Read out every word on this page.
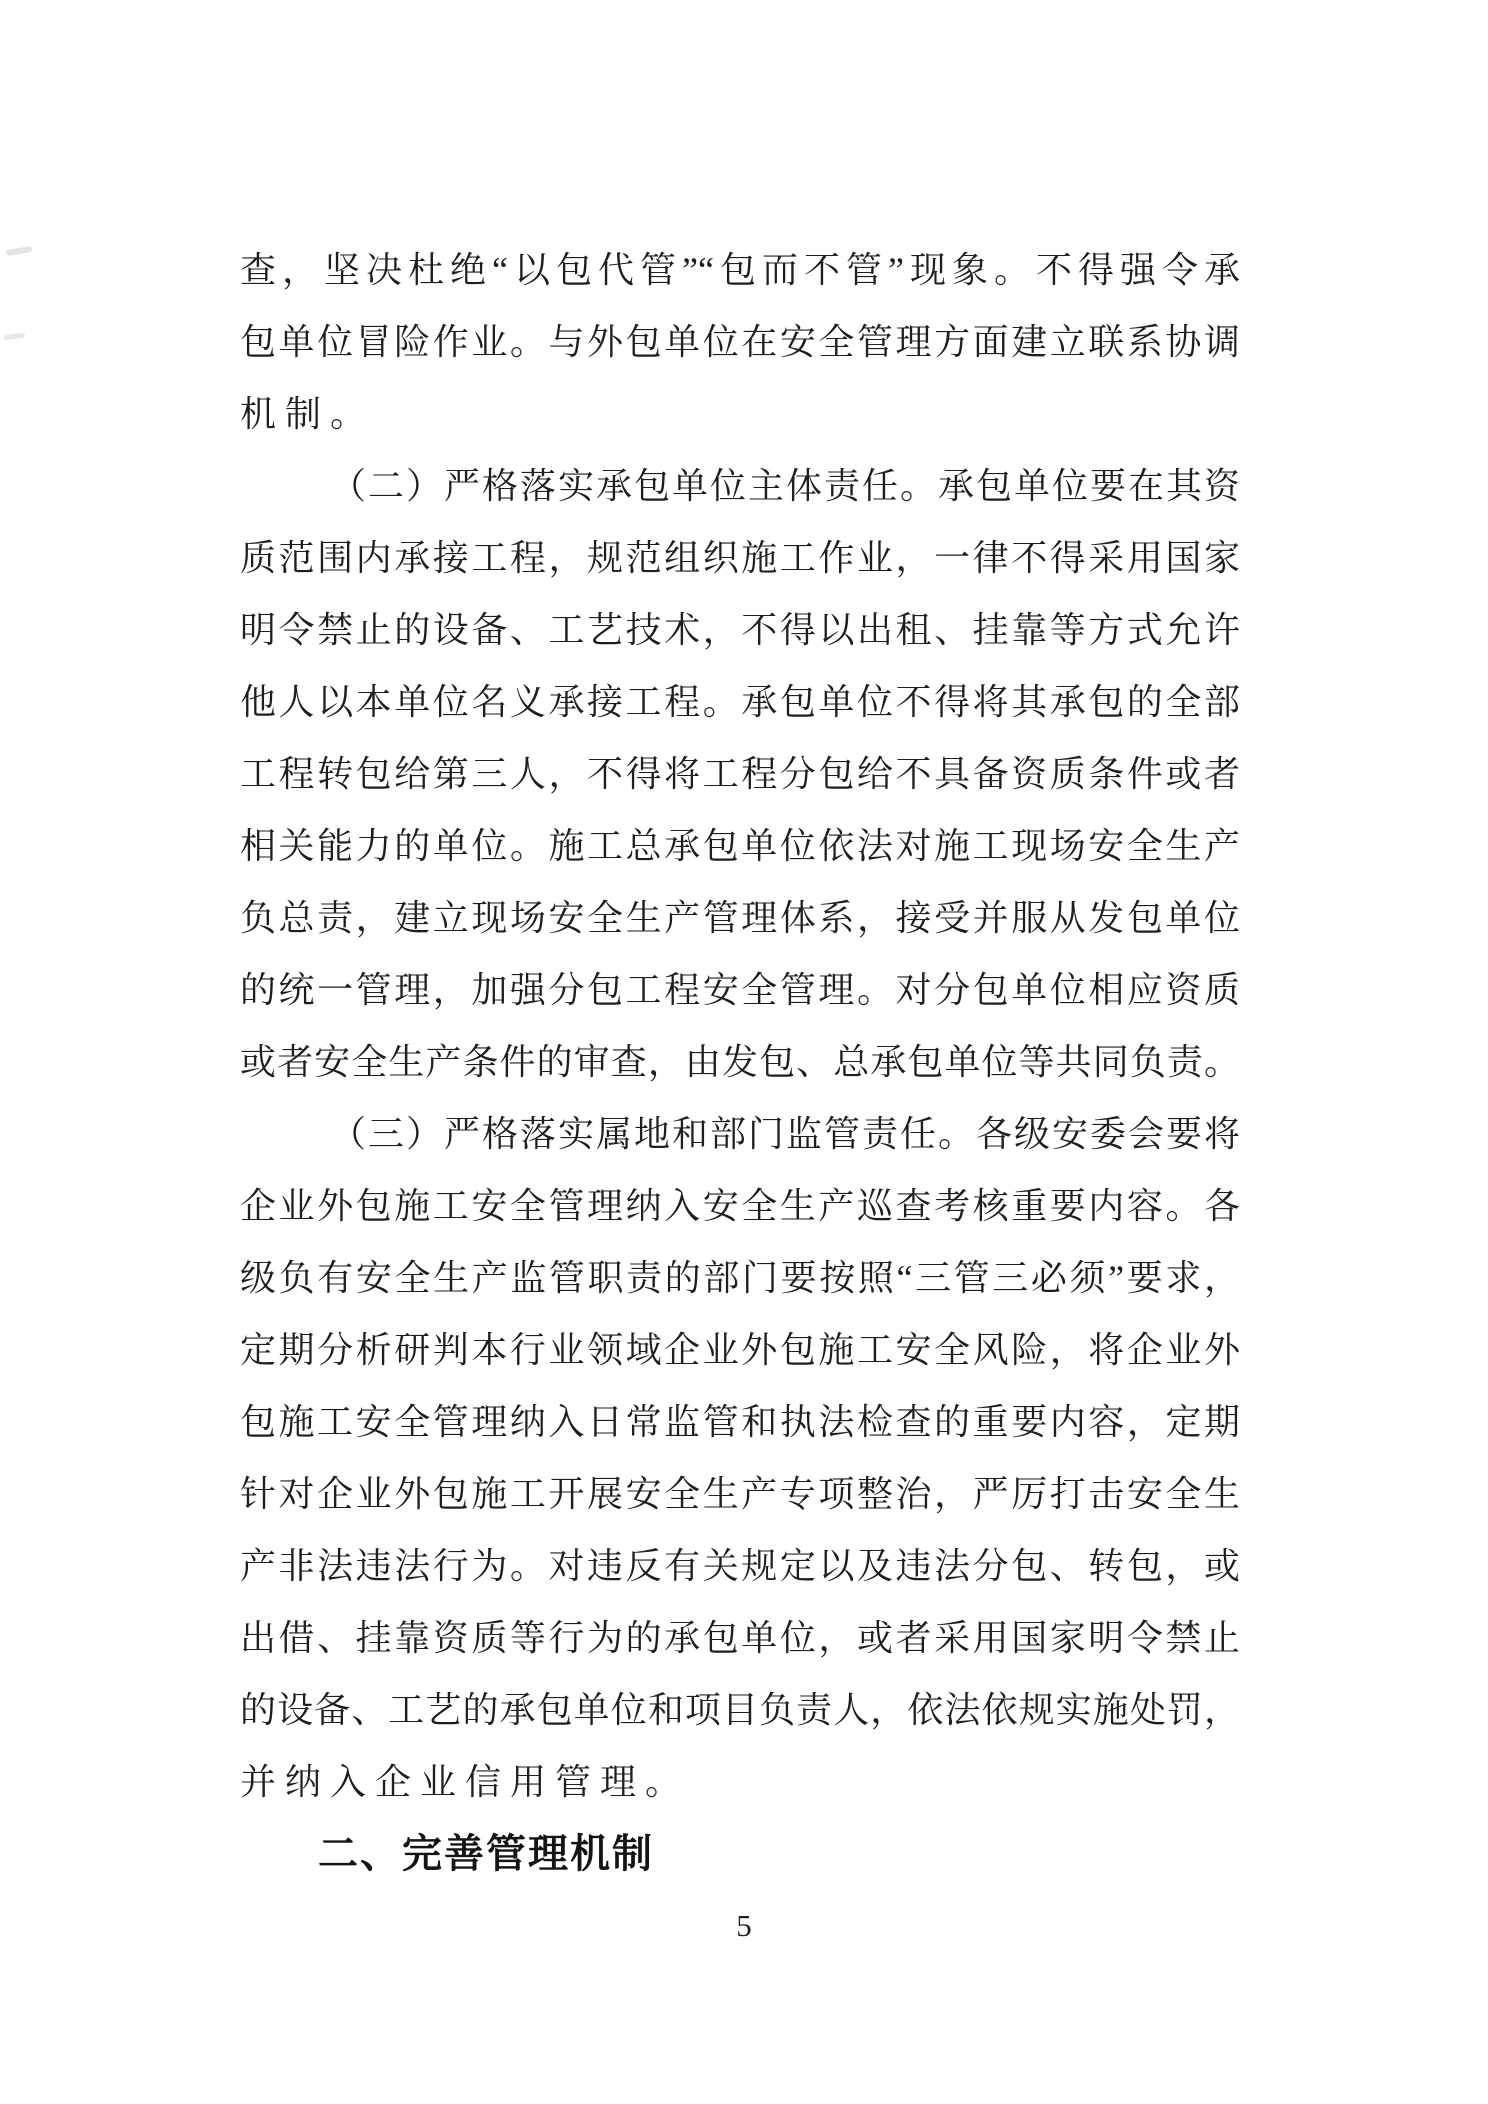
查，坚决杜绝“以包代管”“包而不管”现象。不得强令承

包单位冒险作业。与外包单位在安全管理方面建立联系协调

机制。

（二）严格落实承包单位主体责任。承包单位要在其资

质范围内承接工程，规范组织施工作业，一律不得采用国家

明令禁止的设备、工艺技术，不得以出租、挂靠等方式允许

他人以本单位名义承接工程。承包单位不得将其承包的全部

工程转包给第三人，不得将工程分包给不具备资质条件或者

相关能力的单位。施工总承包单位依法对施工现场安全生产

负总责，建立现场安全生产管理体系，接受并服从发包单位

的统一管理，加强分包工程安全管理。对分包单位相应资质

或者安全生产条件的审查，由发包、总承包单位等共同负责。

（三）严格落实属地和部门监管责任。各级安委会要将

企业外包施工安全管理纳入安全生产巡查考核重要内容。各

级负有安全生产监管职责的部门要按照“三管三必须”要求，

定期分析研判本行业领域企业外包施工安全风险，将企业外

包施工安全管理纳入日常监管和执法检查的重要内容，定期

针对企业外包施工开展安全生产专项整治，严厉打击安全生

产非法违法行为。对违反有关规定以及违法分包、转包，或

出借、挂靠资质等行为的承包单位，或者采用国家明令禁止

的设备、工艺的承包单位和项目负责人，依法依规实施处罚，

并纳入企业信用管理。

二、完善管理机制
5
